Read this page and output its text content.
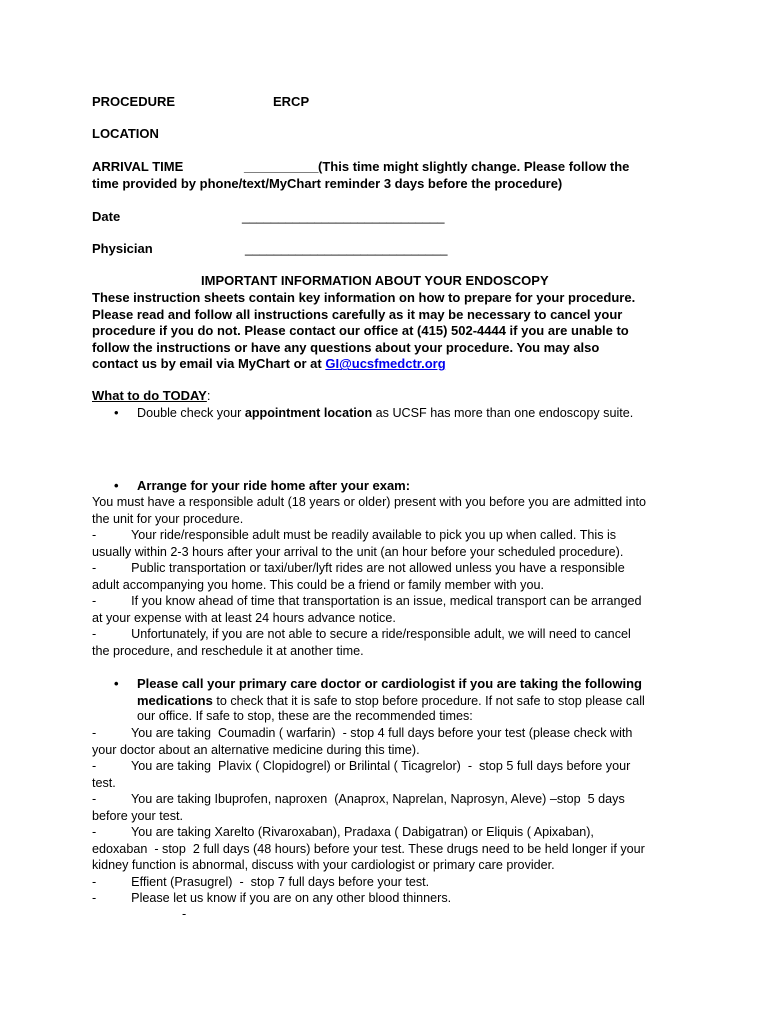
PROCEDURE	ERCP
LOCATION
ARRIVAL TIME	___________(This time might slightly change. Please follow the
time provided by phone/text/MyChart reminder 3 days before the procedure)
Date	____________________________
Physician	____________________________
IMPORTANT INFORMATION ABOUT YOUR ENDOSCOPY
These instruction sheets contain key information on how to prepare for your procedure.
Please read and follow all instructions carefully as it may be necessary to cancel your
procedure if you do not. Please contact our office at (415) 502-4444 if you are unable to
follow the instructions or have any questions about your procedure. You may also
contact us by email via MyChart or at GI@ucsfmedctr.org
What to do TODAY:
• Double check your appointment location as UCSF has more than one endoscopy suite.
• Arrange for your ride home after your exam:
You must have a responsible adult (18 years or older) present with you before you are admitted into
the unit for your procedure.
-          Your ride/responsible adult must be readily available to pick you up when called. This is
usually within 2-3 hours after your arrival to the unit (an hour before your scheduled procedure).
-          Public transportation or taxi/uber/lyft rides are not allowed unless you have a responsible
adult accompanying you home. This could be a friend or family member with you.
-          If you know ahead of time that transportation is an issue, medical transport can be arranged
at your expense with at least 24 hours advance notice.
-          Unfortunately, if you are not able to secure a ride/responsible adult, we will need to cancel
the procedure, and reschedule it at another time.
• Please call your primary care doctor or cardiologist if you are taking the following
medications to check that it is safe to stop before procedure. If not safe to stop please call
our office. If safe to stop, these are the recommended times:
-          You are taking  Coumadin ( warfarin)  - stop 4 full days before your test (please check with
your doctor about an alternative medicine during this time).
-          You are taking  Plavix ( Clopidogrel) or Brilintal ( Ticagrelor)  -  stop 5 full days before your
test.
-          You are taking Ibuprofen, naproxen  (Anaprox, Naprelan, Naprosyn, Aleve) –stop  5 days
before your test.
-          You are taking Xarelto (Rivaroxaban), Pradaxa ( Dabigatran) or Eliquis ( Apixaban),
edoxaban  - stop  2 full days (48 hours) before your test. These drugs need to be held longer if your
kidney function is abnormal, discuss with your cardiologist or primary care provider.
-          Effient (Prasugrel)  -  stop 7 full days before your test.
-          Please let us know if you are on any other blood thinners.
-
